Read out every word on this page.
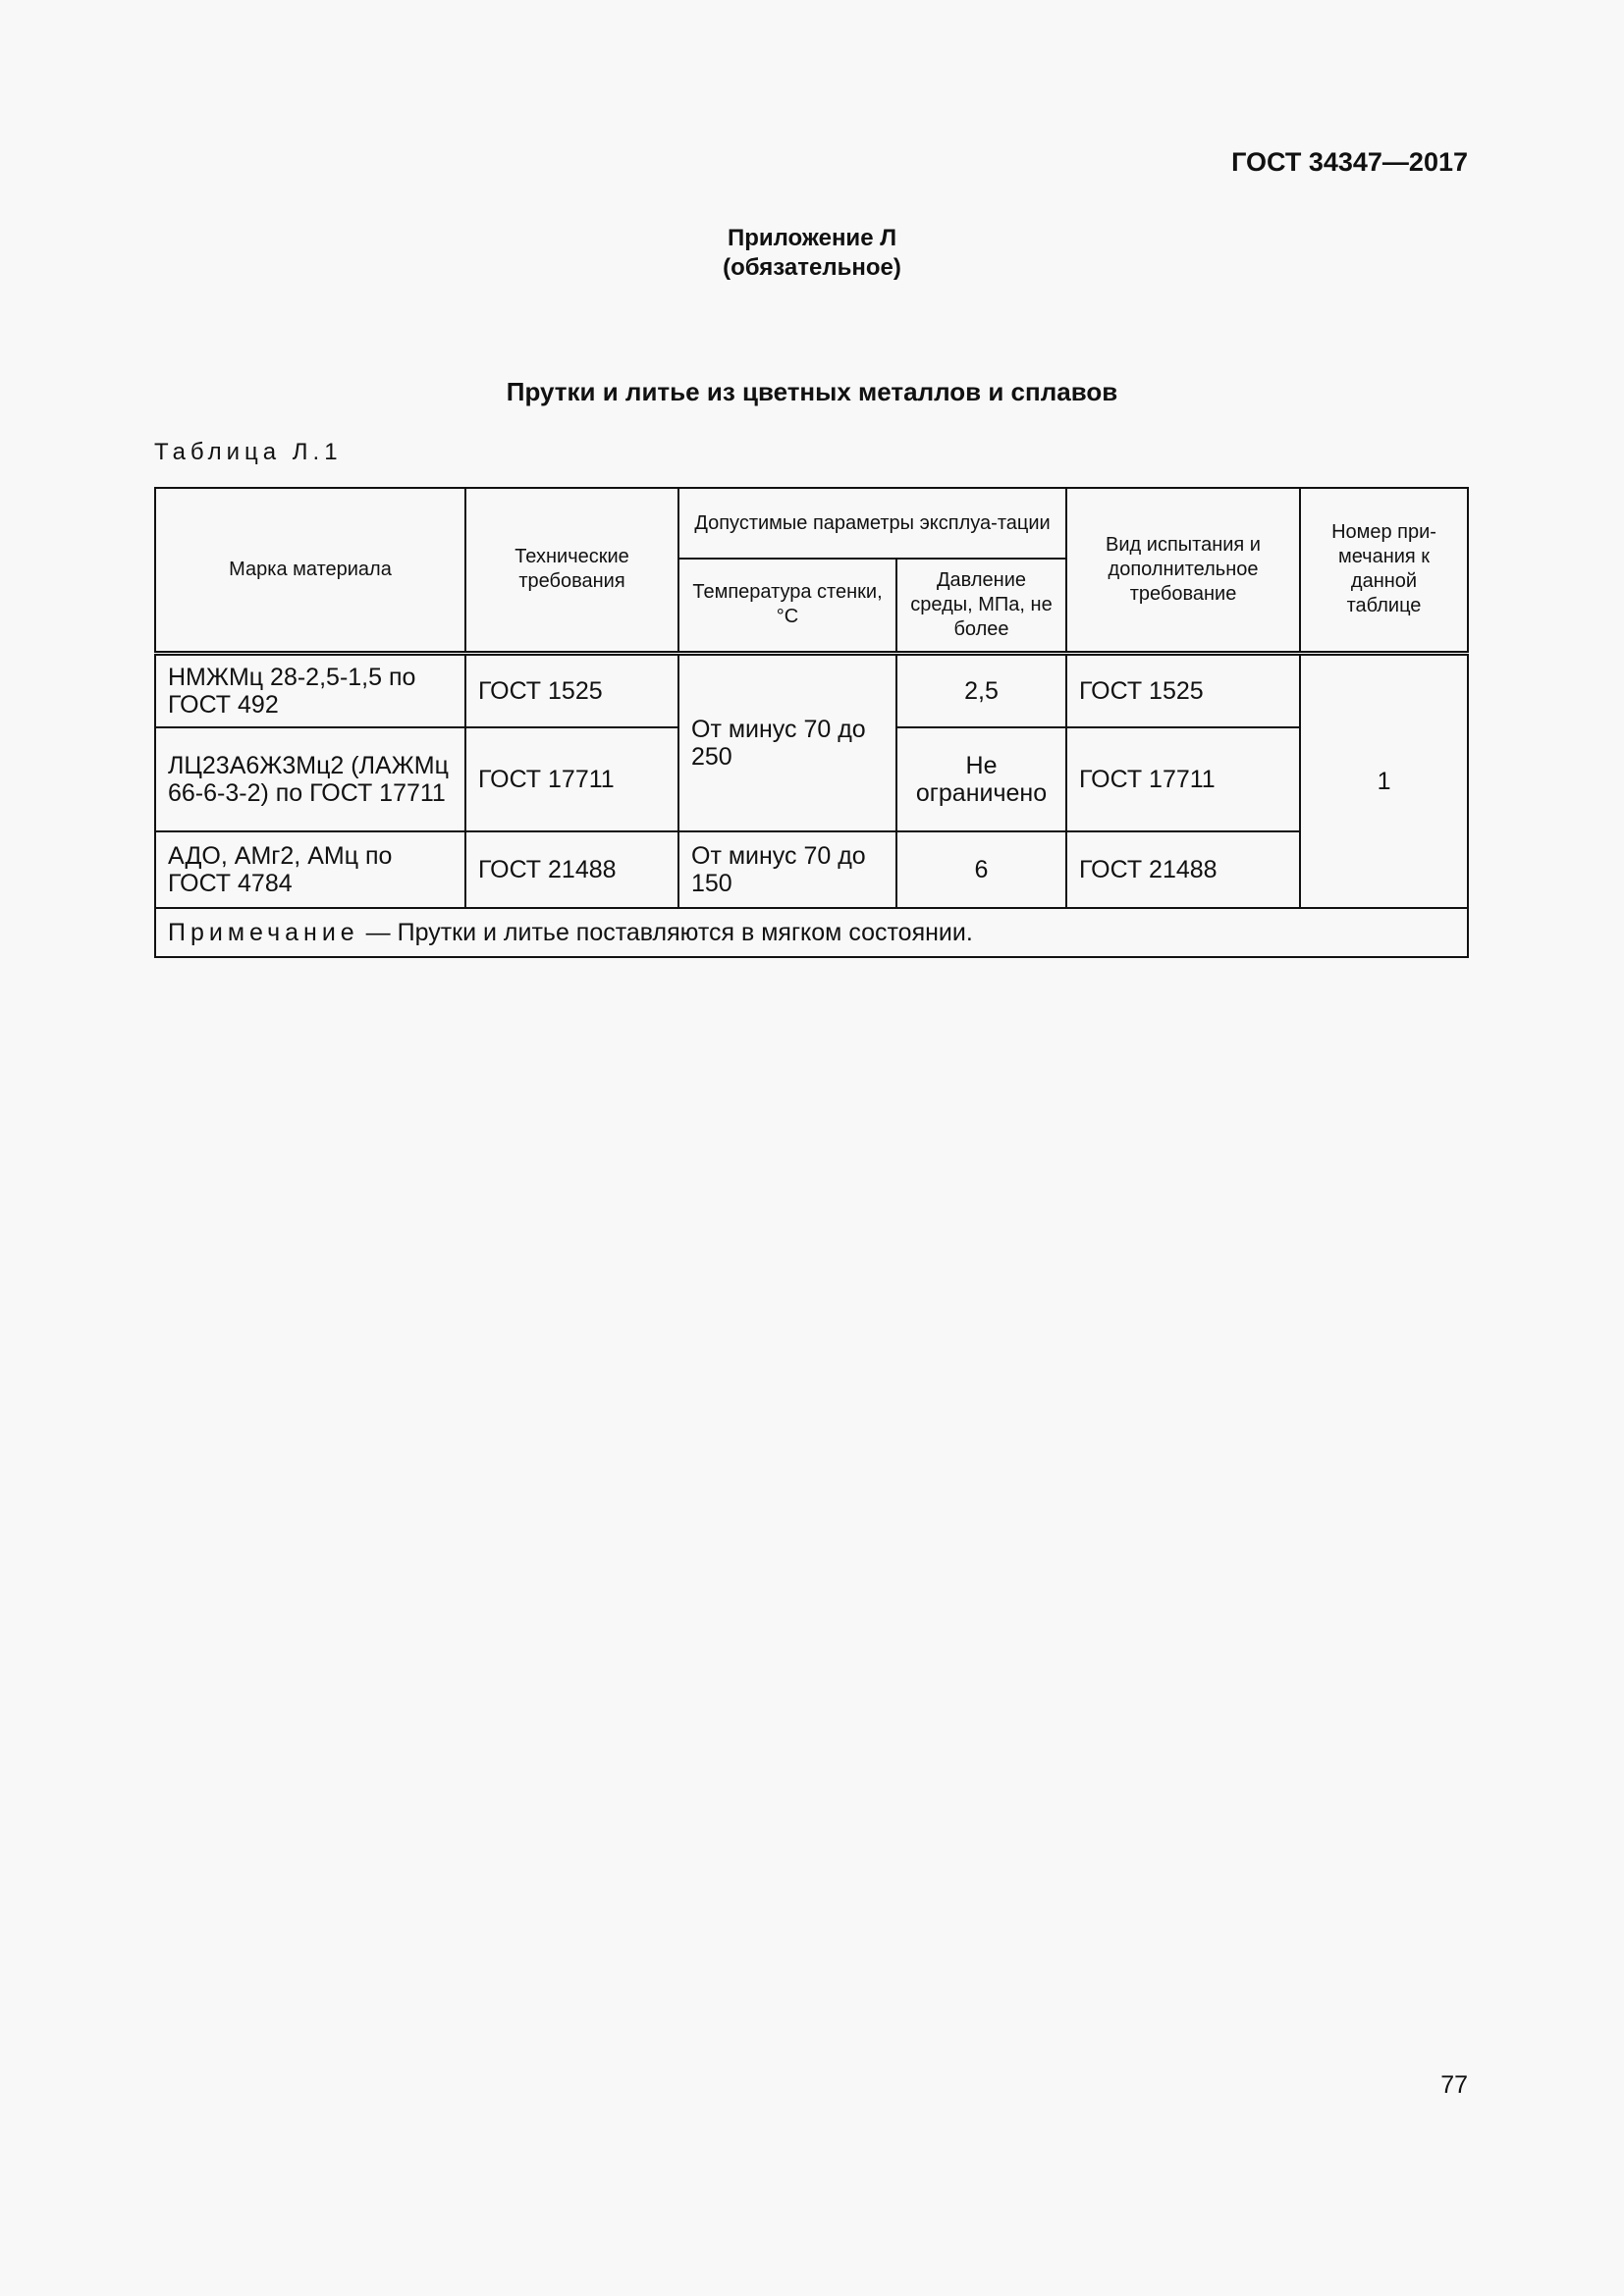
ГОСТ 34347—2017
Приложение Л
(обязательное)
Прутки и литье из цветных металлов и сплавов
Таблица Л.1
Марка материала	Технические требования	Допустимые параметры эксплуа-тации		Вид испытания и дополнительное требование	Номер при-мечания к данной таблице
		Температура стенки, °С	Давление среды, МПа, не более		
НМЖМц 28-2,5-1,5 по ГОСТ 492	ГОСТ 1525	От минус 70 до 250	2,5	ГОСТ 1525	1
ЛЦ23А6Ж3Мц2 (ЛАЖМц 66-6-3-2) по ГОСТ 17711	ГОСТ 17711		Не ограничено	ГОСТ 17711	
АДО, АМг2, АМц по ГОСТ 4784	ГОСТ 21488	От минус 70 до 150	6	ГОСТ 21488	
Примечание — Прутки и литье поставляются в мягком состоянии.					
77
